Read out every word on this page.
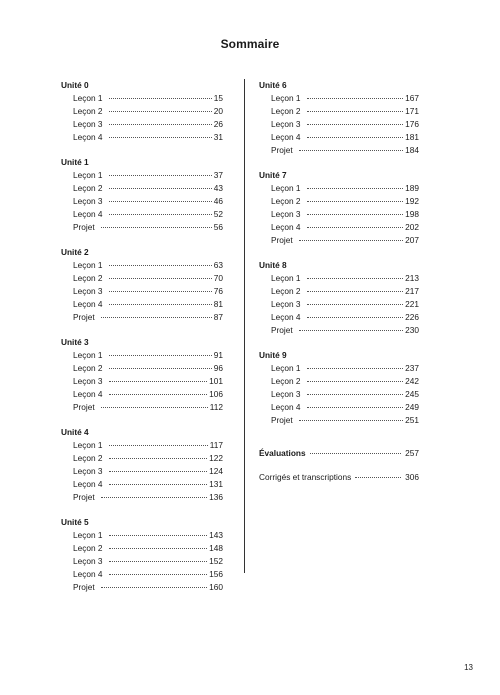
Sommaire
Unité 0
Leçon 1	15
Leçon 2	20
Leçon 3	26
Leçon 4	31
Unité 1
Leçon 1	37
Leçon 2	43
Leçon 3	46
Leçon 4	52
Projet	56
Unité 2
Leçon 1	63
Leçon 2	70
Leçon 3	76
Leçon 4	81
Projet	87
Unité 3
Leçon 1	91
Leçon 2	96
Leçon 3	101
Leçon 4	106
Projet	112
Unité 4
Leçon 1	117
Leçon 2	122
Leçon 3	124
Leçon 4	131
Projet	136
Unité 5
Leçon 1	143
Leçon 2	148
Leçon 3	152
Leçon 4	156
Projet	160
Unité 6
Leçon 1	167
Leçon 2	171
Leçon 3	176
Leçon 4	181
Projet	184
Unité 7
Leçon 1	189
Leçon 2	192
Leçon 3	198
Leçon 4	202
Projet	207
Unité 8
Leçon 1	213
Leçon 2	217
Leçon 3	221
Leçon 4	226
Projet	230
Unité 9
Leçon 1	237
Leçon 2	242
Leçon 3	245
Leçon 4	249
Projet	251
Évaluations	257
Corrigés et transcriptions	306
13
